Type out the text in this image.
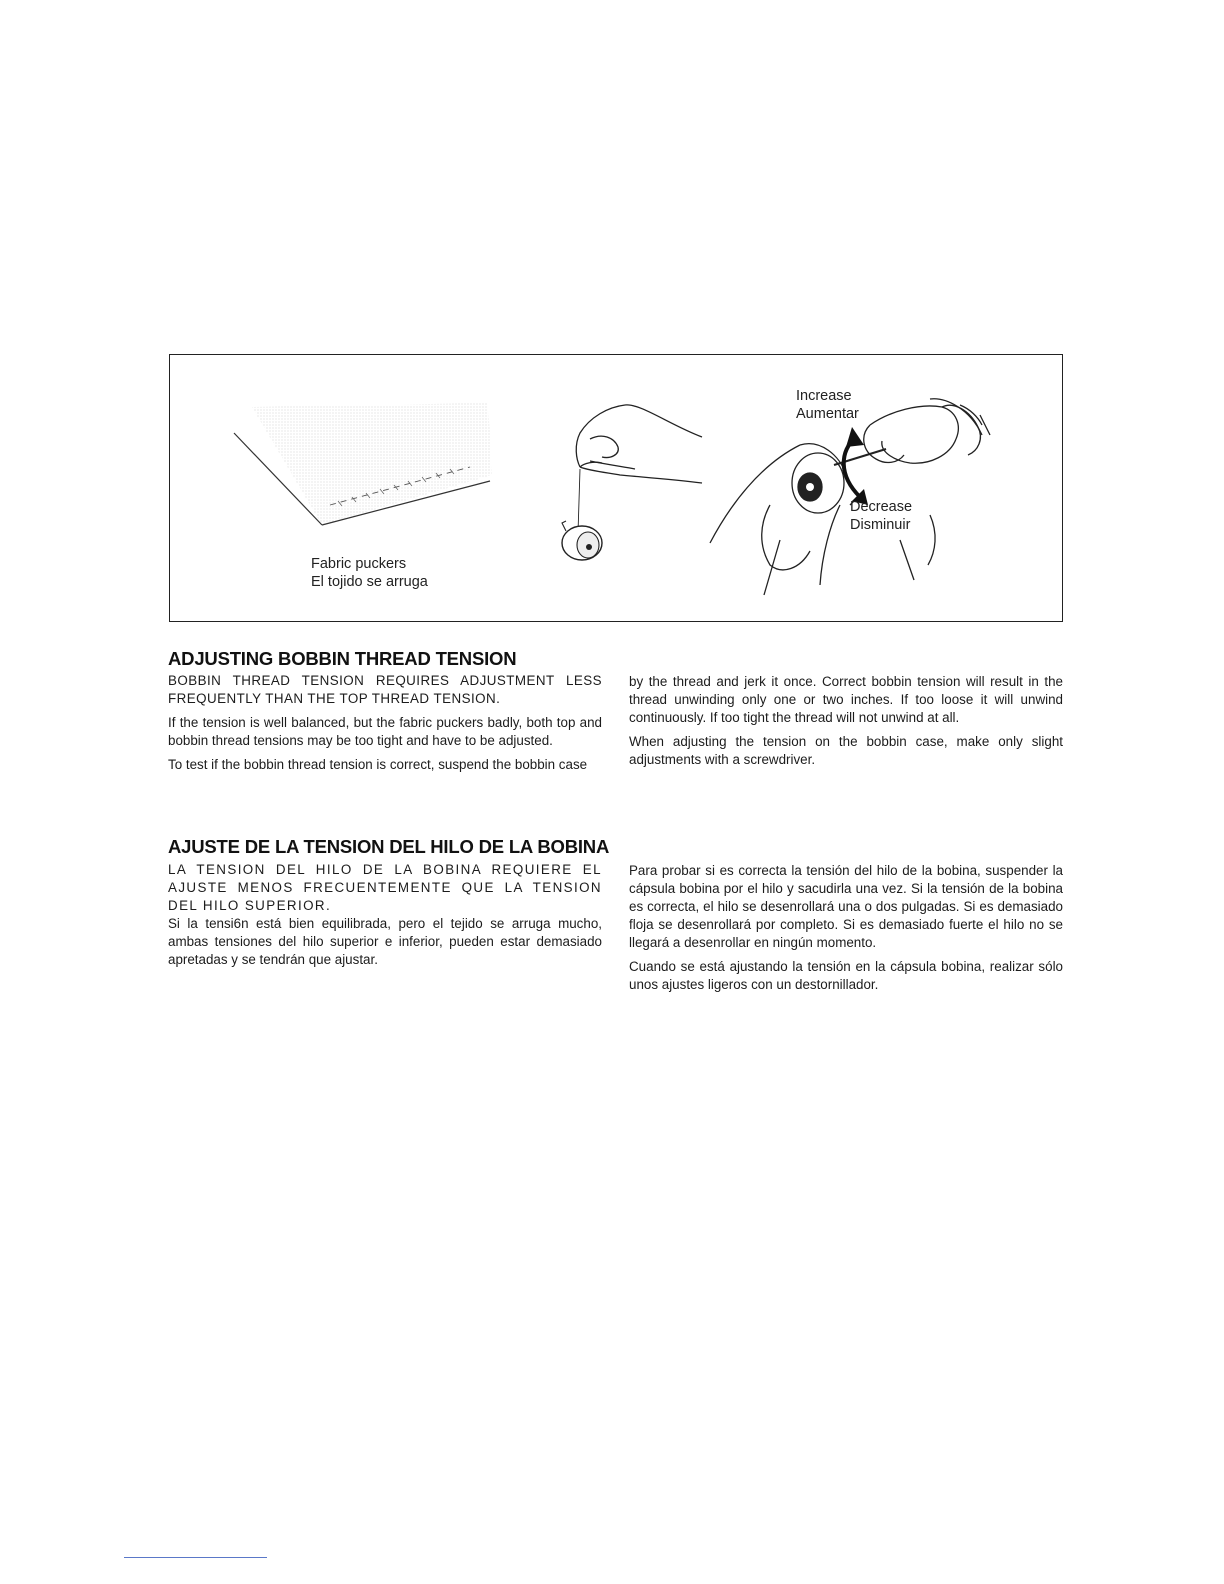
Fabric puckers
El tojido se arruga
Increase
Aumentar
Decrease
Disminuir
ADJUSTING BOBBIN THREAD TENSION

BOBBIN THREAD TENSION REQUIRES ADJUSTMENT LESS FREQUENTLY THAN THE TOP THREAD TENSION.

If the tension is well balanced, but the fabric puckers badly, both top and bobbin thread tensions may be too tight and have to be adjusted.

To test if the bobbin thread tension is correct, suspend the bobbin case

by the thread and jerk it once. Correct bobbin tension will result in the thread unwinding only one or two inches. If too loose it will unwind continuously. If too tight the thread will not unwind at all.

When adjusting the tension on the bobbin case, make only slight adjustments with a screwdriver.

AJUSTE DE LA TENSION DEL HILO DE LA BOBINA

LA TENSION DEL HILO DE LA BOBINA REQUIERE EL AJUSTE MENOS FRECUENTEMENTE QUE LA TENSION DEL HILO SUPERIOR.

Si la tensi6n está bien equilibrada, pero el tejido se arruga mucho, ambas tensiones del hilo superior e inferior, pueden estar demasiado apretadas y se tendrán que ajustar.

Para probar si es correcta la tensión del hilo de la bobina, suspender la cápsula bobina por el hilo y sacudirla una vez. Si la tensión de la bobina es correcta, el hilo se desenrollará una o dos pulgadas. Si es demasiado floja se desenrollará por completo. Si es demasiado fuerte el hilo no se llegará a desenrollar en ningún momento.

Cuando se está ajustando la tensión en la cápsula bobina, realizar sólo unos ajustes ligeros con un destornillador.
